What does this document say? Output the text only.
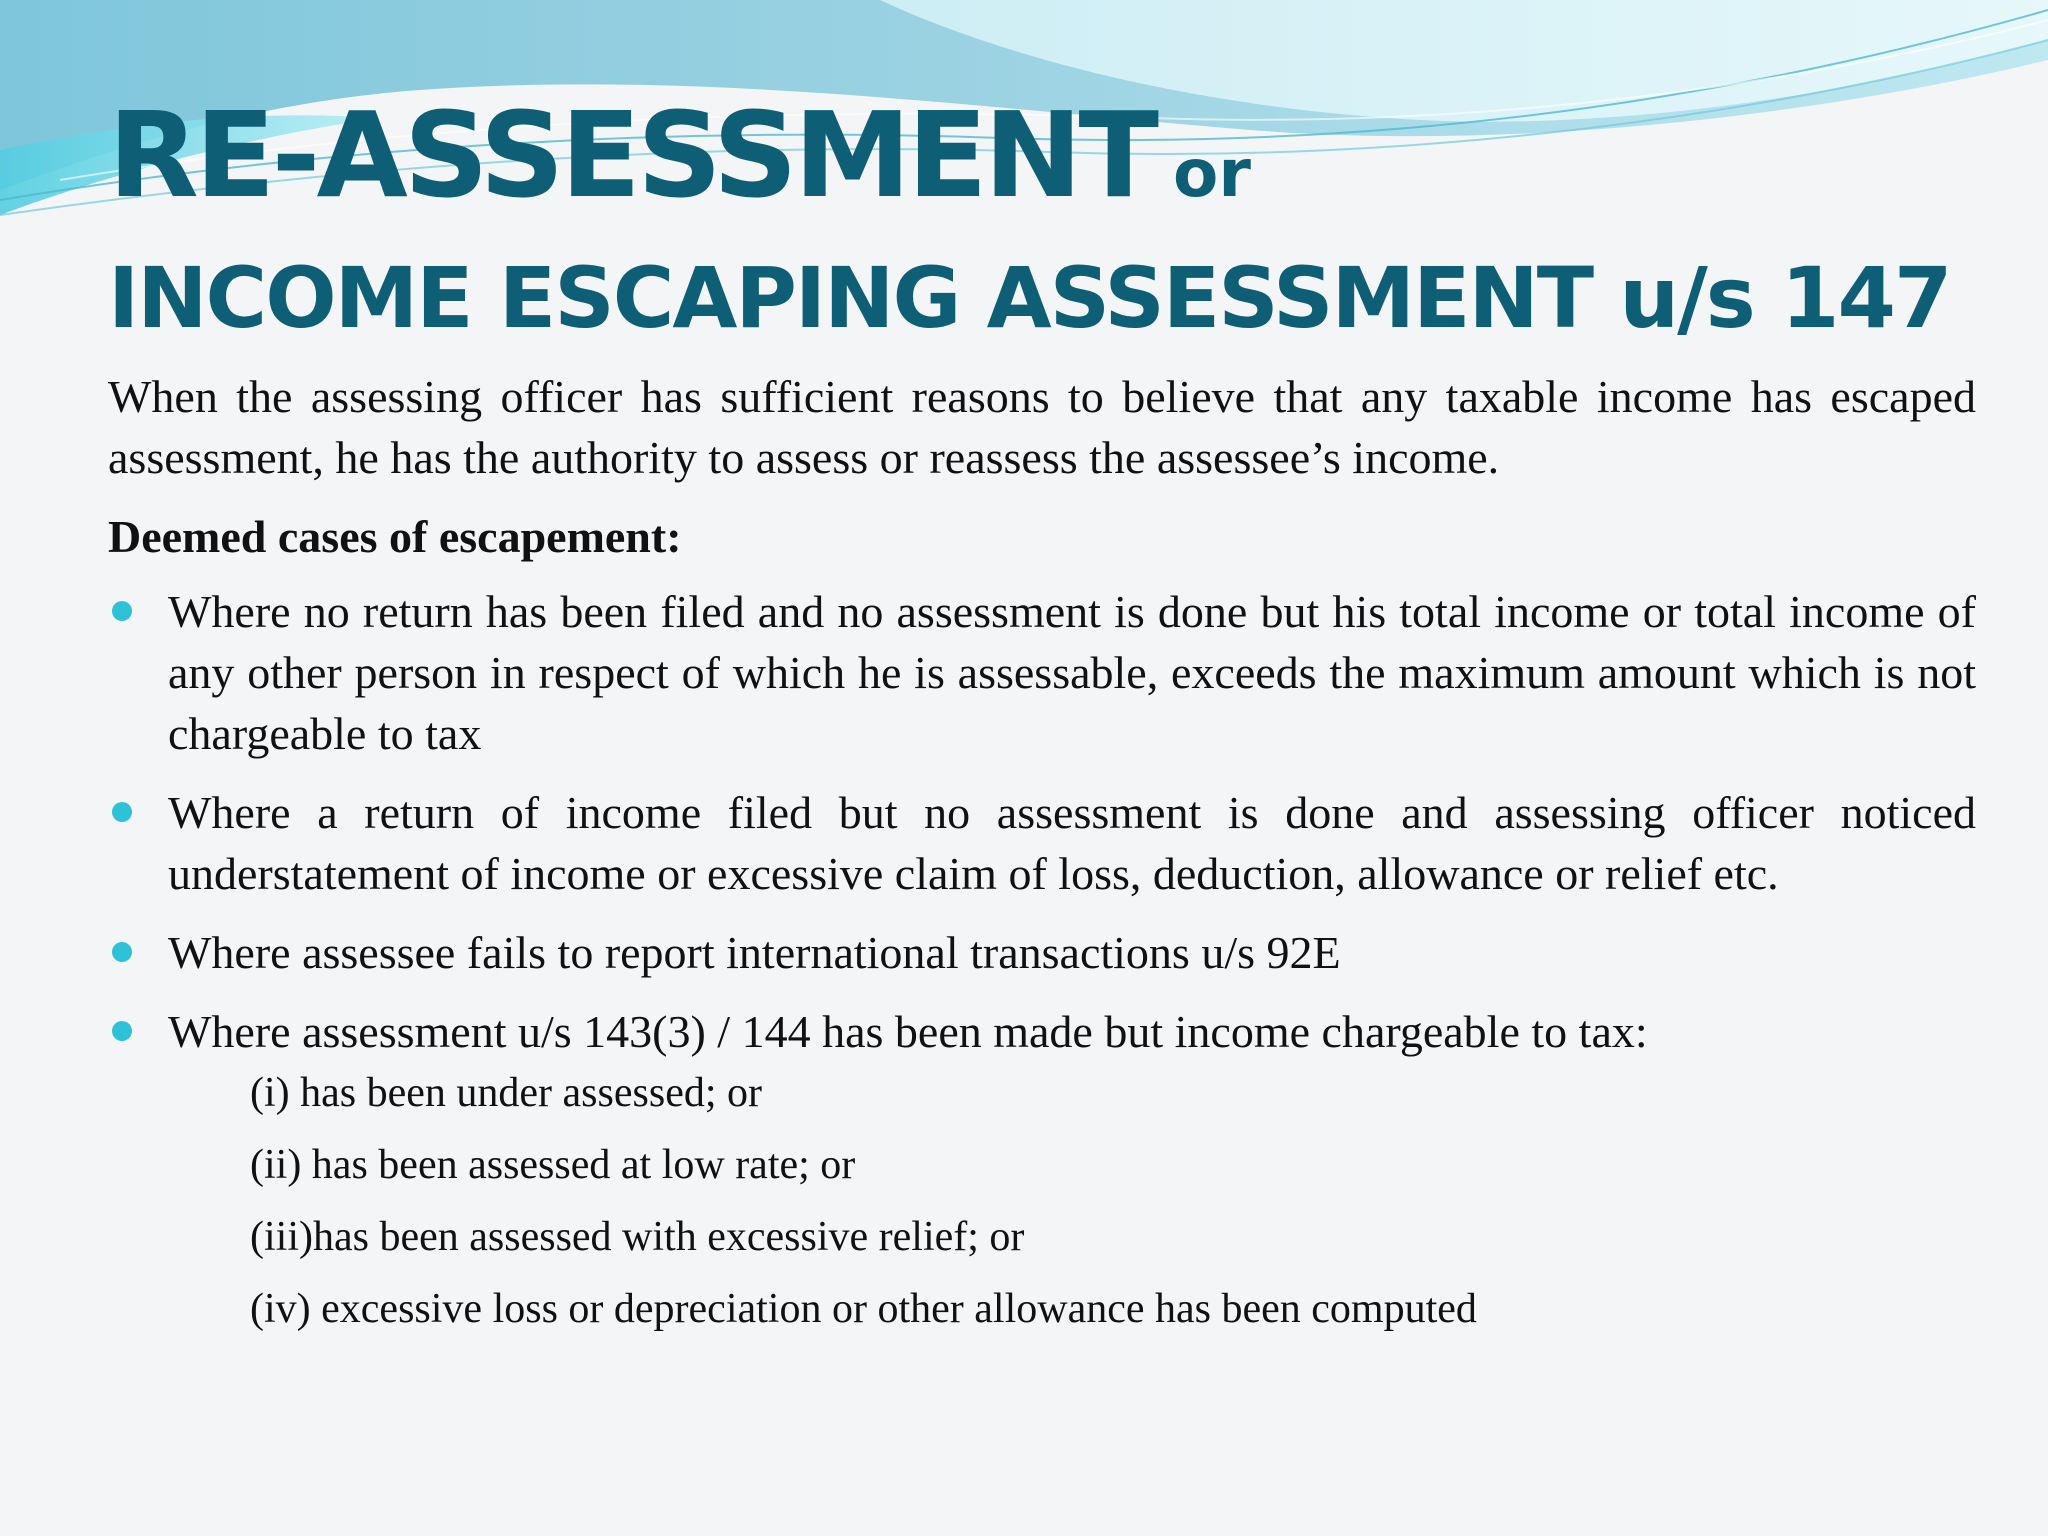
RE-ASSESSMENT or
INCOME ESCAPING ASSESSMENT u/s 147

When the assessing officer has sufficient reasons to believe that any taxable income has escaped assessment, he has the authority to assess or reassess the assessee’s income.

Deemed cases of escapement:

Where no return has been filed and no assessment is done but his total income or total income of any other person in respect of which he is assessable, exceeds the maximum amount which is not chargeable to tax
Where a return of income filed but no assessment is done and assessing officer noticed understatement of income or excessive claim of loss, deduction, allowance or relief etc.
Where assessee fails to report international transactions u/s 92E
Where assessment u/s 143(3) / 144 has been made but income chargeable to tax:
(i) has been under assessed; or
(ii) has been assessed at low rate; or
(iii)has been assessed with excessive relief; or
(iv) excessive loss or depreciation or other allowance has been computed
